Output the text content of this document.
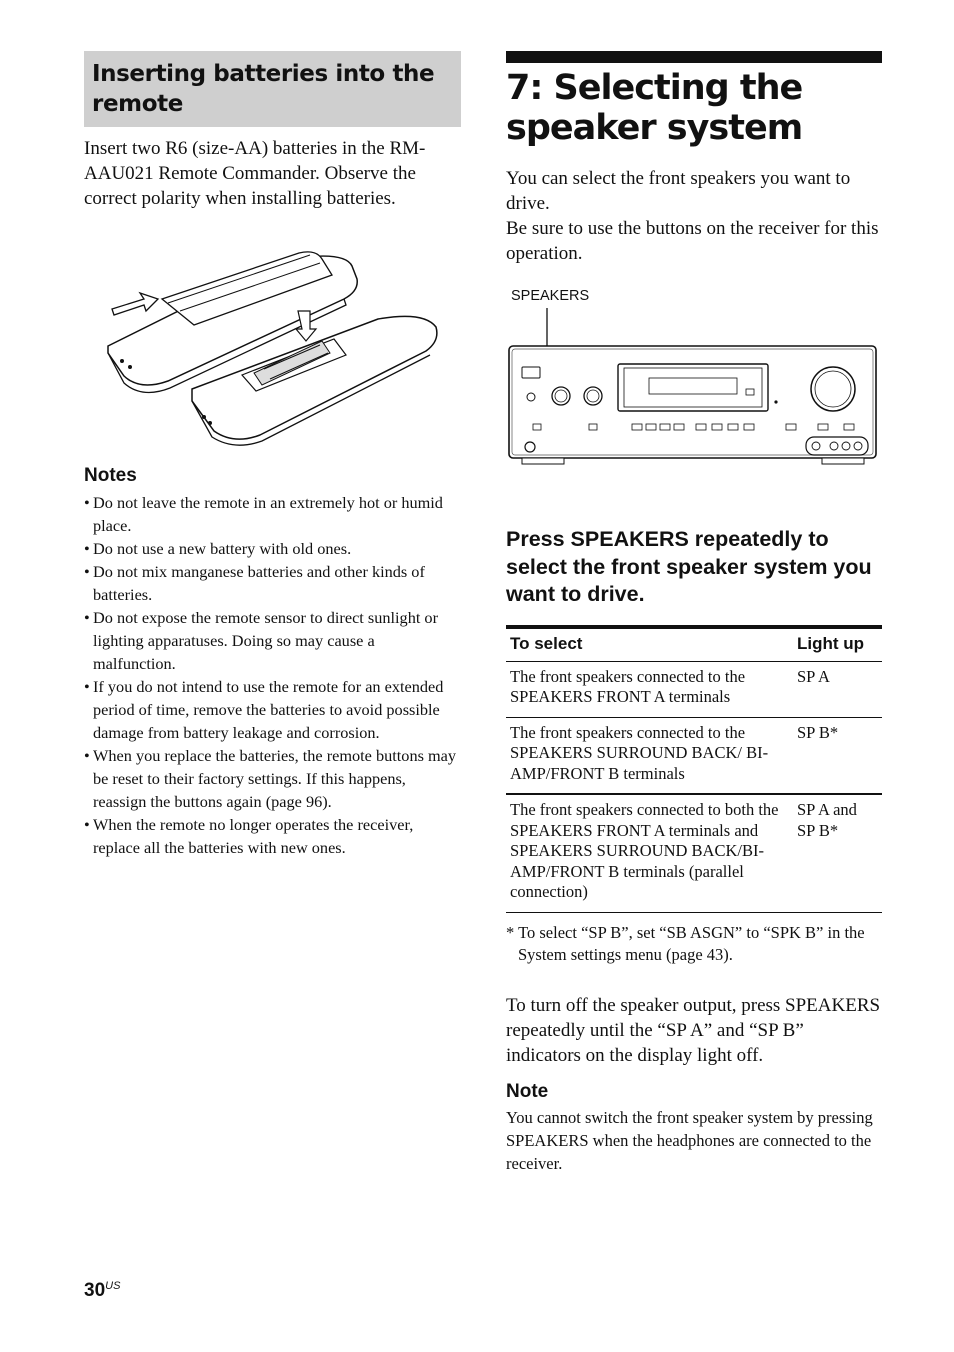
Inserting batteries into the remote

Insert two R6 (size-AA) batteries in the RM-AAU021 Remote Commander. Observe the correct polarity when installing batteries.

Notes

• Do not leave the remote in an extremely hot or humid place.
• Do not use a new battery with old ones.
• Do not mix manganese batteries and other kinds of batteries.
• Do not expose the remote sensor to direct sunlight or lighting apparatuses. Doing so may cause a malfunction.
• If you do not intend to use the remote for an extended period of time, remove the batteries to avoid possible damage from battery leakage and corrosion.
• When you replace the batteries, the remote buttons may be reset to their factory settings. If this happens, reassign the buttons again (page 96).
• When the remote no longer operates the receiver, replace all the batteries with new ones.
7: Selecting the speaker system

You can select the front speakers you want to drive.

Be sure to use the buttons on the receiver for this operation.

SPEAKERS

Press SPEAKERS repeatedly to select the front speaker system you want to drive.

To select	Light up
The front speakers connected to the SPEAKERS FRONT A terminals	SP A
The front speakers connected to the SPEAKERS SURROUND BACK/ BI-AMP/FRONT B terminals	SP B*
The front speakers connected to both the SPEAKERS FRONT A terminals and SPEAKERS SURROUND BACK/BI-AMP/FRONT B terminals (parallel connection)	SP A and SP B*

* To select “SP B”, set “SB ASGN” to “SPK B” in the System settings menu (page 43).

To turn off the speaker output, press SPEAKERS repeatedly until the “SP A” and “SP B” indicators on the display light off.

Note

You cannot switch the front speaker system by pressing SPEAKERS when the headphones are connected to the receiver.

$30^{US}$
